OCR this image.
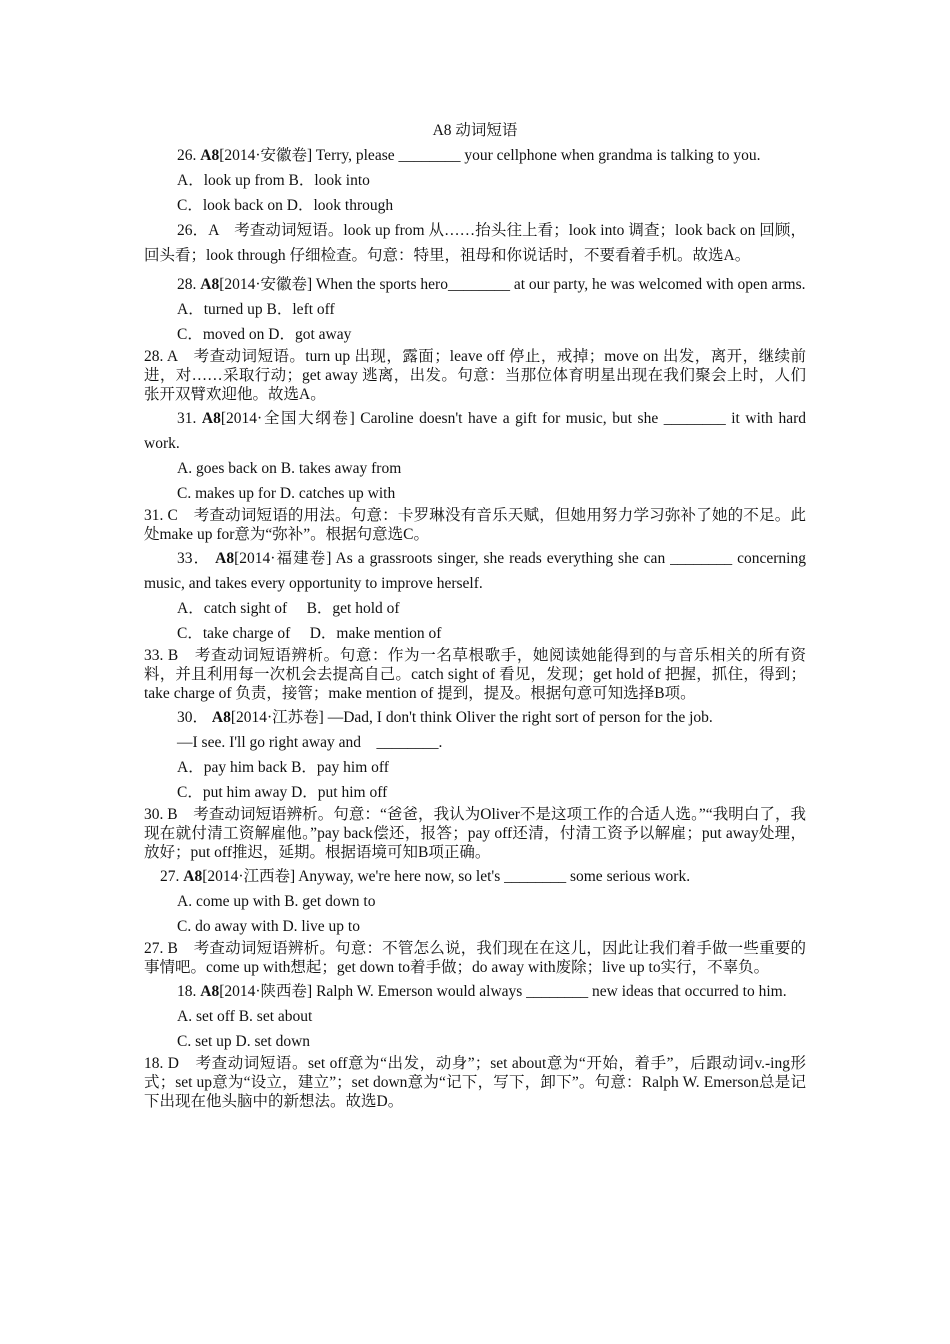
A8 动词短语

26. A8[2014·安徽卷] Terry, please ________ your cellphone when grandma is talking to you.

A．look up from B．look into

C．look back on D．look through

26．A　考查动词短语。look up from 从……抬头往上看；look into 调查；look back on 回顾，回头看；look through 仔细检查。句意：特里，祖母和你说话时，不要看着手机。故选A。

28. A8[2014·安徽卷] When the sports hero________ at our party, he was welcomed with open arms.

A．turned up B．left off

C．moved on D．got away

28. A　考查动词短语。turn up 出现，露面；leave off 停止，戒掉；move on 出发，离开，继续前进，对……采取行动；get away 逃离，出发。句意：当那位体育明星出现在我们聚会上时，人们张开双臂欢迎他。故选A。

31. A8[2014·全国大纲卷] Caroline doesn't have a gift for music, but she ________ it with hard work.

A. goes back on B. takes away from

C. makes up for D. catches up with

31. C　考查动词短语的用法。句意：卡罗琳没有音乐天赋，但她用努力学习弥补了她的不足。此处make up for意为“弥补”。根据句意选C。

33． A8[2014·福建卷] As a grassroots singer, she reads everything she can ________ concerning music, and takes every opportunity to improve herself.

A．catch sight of　 B．get hold of

C．take charge of　 D．make mention of

33. B　考查动词短语辨析。句意：作为一名草根歌手，她阅读她能得到的与音乐相关的所有资料，并且利用每一次机会去提高自己。catch sight of 看见，发现；get hold of 把握，抓住，得到；take charge of 负责，接管；make mention of 提到，提及。根据句意可知选择B项。

30． A8[2014·江苏卷] —Dad, I don't think Oliver the right sort of person for the job.

—I see. I'll go right away and　________.

A．pay him back B．pay him off

C．put him away D．put him off

30. B　考查动词短语辨析。句意：“爸爸，我认为Oliver不是这项工作的合适人选。”“我明白了，我现在就付清工资解雇他。”pay back偿还，报答；pay off还清，付清工资予以解雇；put away处理，放好；put off推迟，延期。根据语境可知B项正确。

27. A8[2014·江西卷] Anyway, we're here now, so let's ________ some serious work.

A. come up with B. get down to

C. do away with D. live up to

27. B　考查动词短语辨析。句意：不管怎么说，我们现在在这儿，因此让我们着手做一些重要的事情吧。come up with想起；get down to着手做；do away with废除；live up to实行，不辜负。

18. A8[2014·陕西卷] Ralph W. Emerson would always ________ new ideas that occurred to him.

A. set off B. set about

C. set up D. set down

18. D　考查动词短语。set off意为“出发，动身”；set about意为“开始，着手”，后跟动词v.-ing形式；set up意为“设立，建立”；set down意为“记下，写下，卸下”。句意：Ralph W. Emerson总是记下出现在他头脑中的新想法。故选D。
